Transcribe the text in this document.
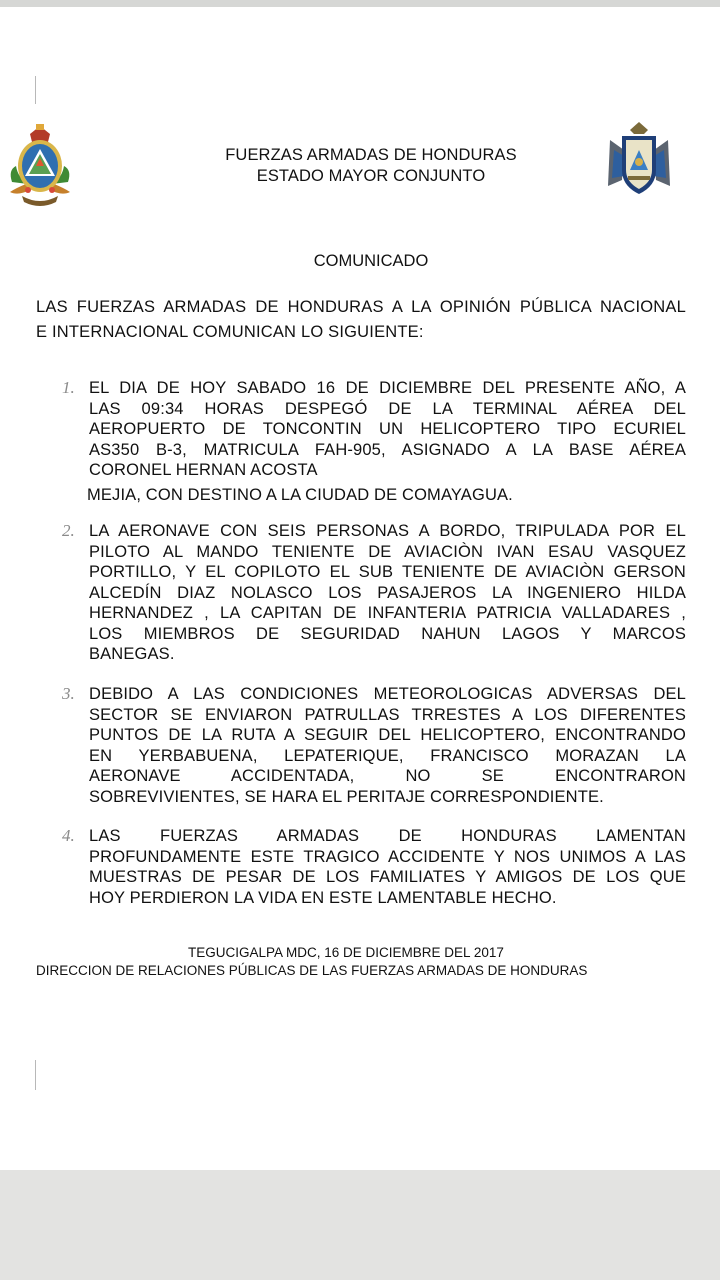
FUERZAS ARMADAS DE HONDURAS
ESTADO MAYOR CONJUNTO
COMUNICADO
LAS FUERZAS ARMADAS DE HONDURAS A LA OPINIÓN PÚBLICA NACIONAL
E INTERNACIONAL COMUNICAN LO SIGUIENTE:
1. EL DIA DE HOY SABADO 16 DE DICIEMBRE DEL PRESENTE AÑO, A
LAS 09:34 HORAS DESPEGÓ DE LA TERMINAL AÉREA DEL
AEROPUERTO DE TONCONTIN UN HELICOPTERO TIPO ECURIEL
AS350 B-3, MATRICULA FAH-905, ASIGNADO A LA BASE AÉREA
CORONEL HERNAN ACOSTA
MEJIA, CON DESTINO A LA CIUDAD DE COMAYAGUA.
2. LA AERONAVE CON SEIS PERSONAS A BORDO, TRIPULADA POR EL
PILOTO AL MANDO TENIENTE DE AVIACIÒN IVAN ESAU VASQUEZ
PORTILLO, Y EL COPILOTO EL SUB TENIENTE DE AVIACIÒN GERSON
ALCEDÍN DIAZ NOLASCO LOS PASAJEROS LA INGENIERO HILDA
HERNANDEZ , LA CAPITAN DE INFANTERIA PATRICIA VALLADARES ,
LOS MIEMBROS DE SEGURIDAD NAHUN LAGOS Y MARCOS
BANEGAS.
3. DEBIDO A LAS CONDICIONES METEOROLOGICAS ADVERSAS DEL
SECTOR SE ENVIARON PATRULLAS TRRESTES A LOS DIFERENTES
PUNTOS DE LA RUTA A SEGUIR DEL HELICOPTERO, ENCONTRANDO
EN YERBABUENA, LEPATERIQUE, FRANCISCO MORAZAN LA
AERONAVE ACCIDENTADA, NO SE ENCONTRARON
SOBREVIVIENTES, SE HARA EL PERITAJE CORRESPONDIENTE.
4. LAS FUERZAS ARMADAS DE HONDURAS LAMENTAN
PROFUNDAMENTE ESTE TRAGICO ACCIDENTE Y NOS UNIMOS A LAS
MUESTRAS DE PESAR DE LOS FAMILIATES Y AMIGOS DE LOS QUE
HOY PERDIERON LA VIDA EN ESTE LAMENTABLE HECHO.
TEGUCIGALPA MDC, 16 DE DICIEMBRE DEL 2017
DIRECCION DE RELACIONES PÚBLICAS DE LAS FUERZAS ARMADAS DE HONDURAS
